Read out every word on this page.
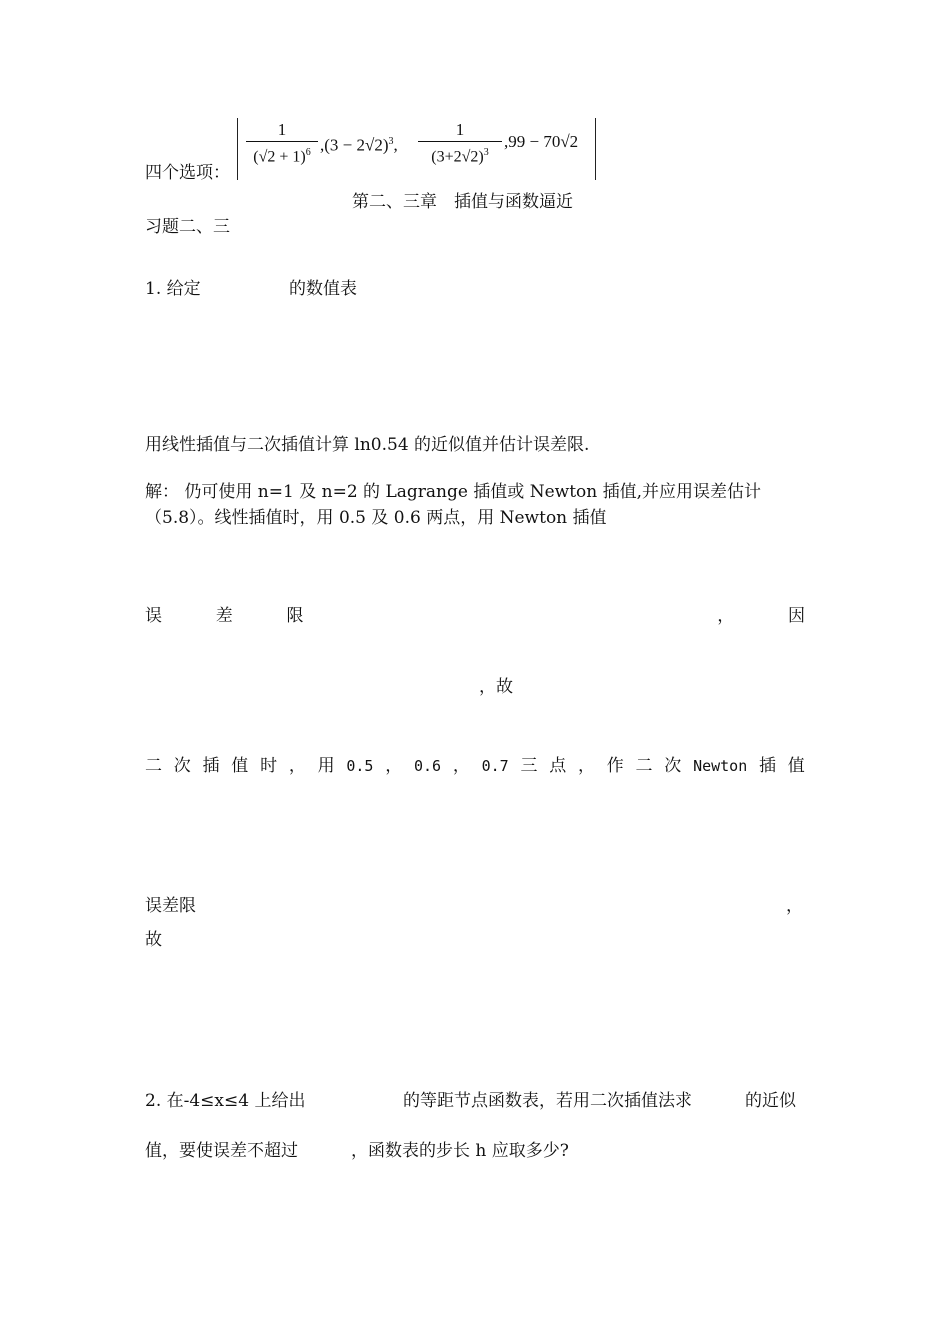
四个选项：
1
$(√2 + 1)^6$ $,(3 - 2√2)^3$,
1
$(3+2√2)^3$
,99 − 70√2
第二、三章　插值与函数逼近
习题二、三
1. 给定	的数值表
用线性插值与二次插值计算 ln0.54 的近似值并估计误差限.
解： 仍可使用 n=1 及 n=2 的 Lagrange 插值或 Newton 插值,并应用误差估计
（5.8）。线性插值时，用 0.5 及 0.6 两点，用 Newton 插值
误	差	限	，	因
，故
二 次 插 值 时 ， 用 0.5 ， 0.6 ， 0.7 三 点 ， 作 二 次 Newton 插 值
误差限	，
故
2. 在-4≤x≤4 上给出	的等距节点函数表，若用二次插值法求	的近似
值，要使误差不超过	，函数表的步长 h 应取多少?
